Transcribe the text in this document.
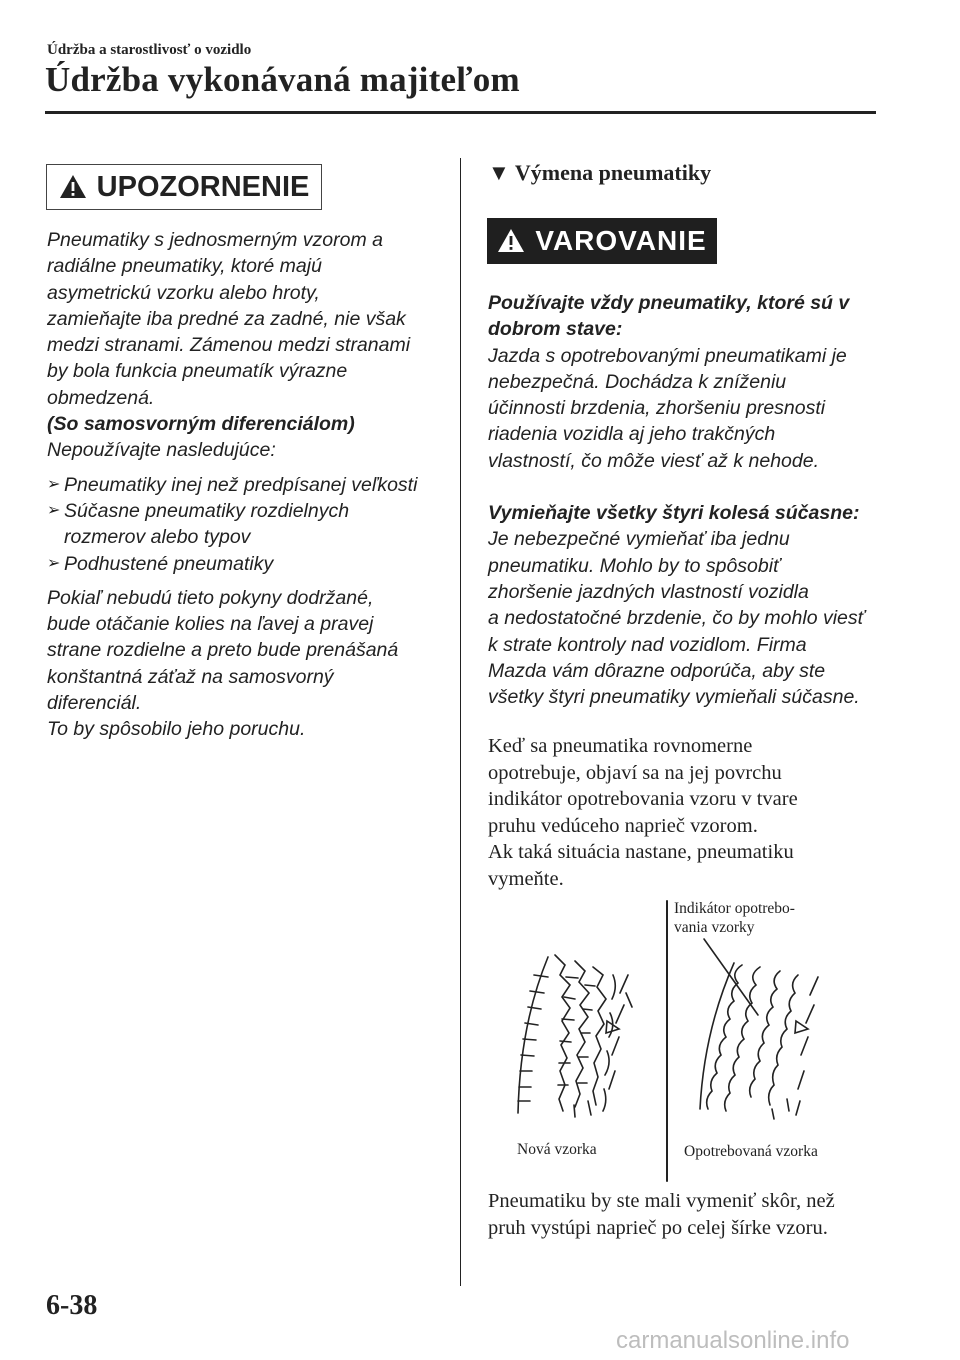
Údržba a starostlivosť o vozidlo
Údržba vykonávaná majiteľom
UPOZORNENIE

Pneumatiky s jednosmerným vzorom a

radiálne pneumatiky, ktoré majú

asymetrickú vzorku alebo hroty,

zamieňajte iba predné za zadné, nie však

medzi stranami. Zámenou medzi stranami

by bola funkcia pneumatík výrazne

obmedzená.

(So samosvorným diferenciálom)

Nepoužívajte nasledujúce:

➢ Pneumatiky inej než predpísanej veľkosti
➢ Súčasne pneumatiky rozdielnych
rozmerov alebo typov
➢ Podhustené pneumatiky

Pokiaľ nebudú tieto pokyny dodržané,

bude otáčanie kolies na ľavej a pravej

strane rozdielne a preto bude prenášaná

konštantná záťaž na samosvorný

diferenciál.

To by spôsobilo jeho poruchu.

▼ Výmena pneumatiky
VAROVANIE

Používajte vždy pneumatiky, ktoré sú v

dobrom stave:

Jazda s opotrebovanými pneumatikami je

nebezpečná. Dochádza k zníženiu

účinnosti brzdenia, zhoršeniu presnosti

riadenia vozidla aj jeho trakčných

vlastností, čo môže viesť až k nehode.

Vymieňajte všetky štyri kolesá súčasne:

Je nebezpečné vymieňať iba jednu

pneumatiku. Mohlo by to spôsobiť

zhoršenie jazdných vlastností vozidla

a nedostatočné brzdenie, čo by mohlo viesť

k strate kontroly nad vozidlom. Firma

Mazda vám dôrazne odporúča, aby ste

všetky štyri pneumatiky vymieňali súčasne.

Keď sa pneumatika rovnomerne

opotrebuje, objaví sa na jej povrchu

indikátor opotrebovania vzoru v tvare

pruhu vedúceho naprieč vzorom.

Ak taká situácia nastane, pneumatiku

vymeňte.

Indikátor opotrebo-
vania vzorky
Nová vzorka	Opotrebovaná vzorka

Pneumatiku by ste mali vymeniť skôr, než

pruh vystúpi naprieč po celej šírke vzoru.

6-38
carmanualsonline.info
